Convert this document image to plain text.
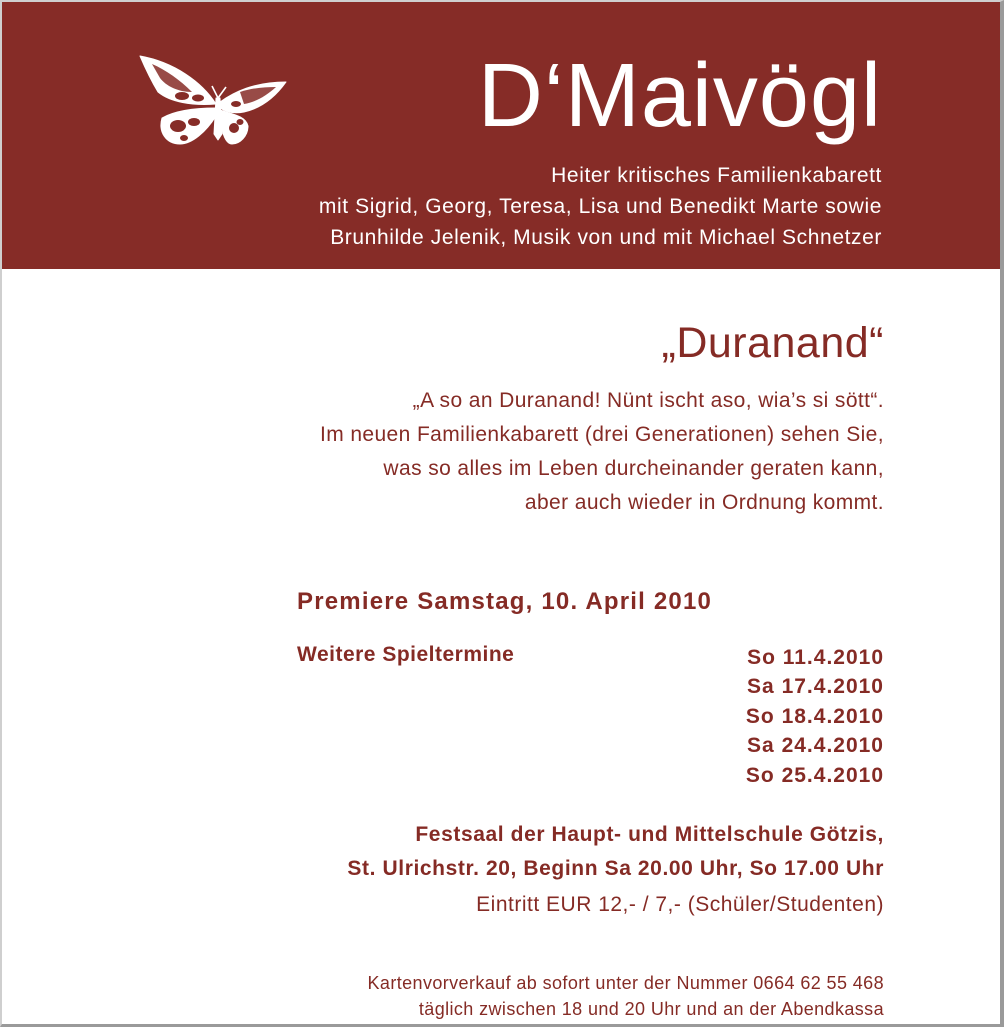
D‘Maivögl
Heiter kritisches Familienkabarett
mit Sigrid, Georg, Teresa, Lisa und Benedikt Marte sowie
Brunhilde Jelenik, Musik von und mit Michael Schnetzer
„Duranand“
„A so an Duranand! Nünt ischt aso, wia’s si sött“.
Im neuen Familienkabarett (drei Generationen) sehen Sie,
was so alles im Leben durcheinander geraten kann,
aber auch wieder in Ordnung kommt.
Premiere Samstag, 10. April 2010
Weitere Spieltermine	So 11.4.2010
Sa 17.4.2010
So 18.4.2010
Sa 24.4.2010
So 25.4.2010
Festsaal der Haupt- und Mittelschule Götzis,
St. Ulrichstr. 20, Beginn Sa 20.00 Uhr, So 17.00 Uhr
Eintritt EUR 12,- / 7,- (Schüler/Studenten)
Kartenvorverkauf ab sofort unter der Nummer 0664 62 55 468
täglich zwischen 18 und 20 Uhr und an der Abendkassa
